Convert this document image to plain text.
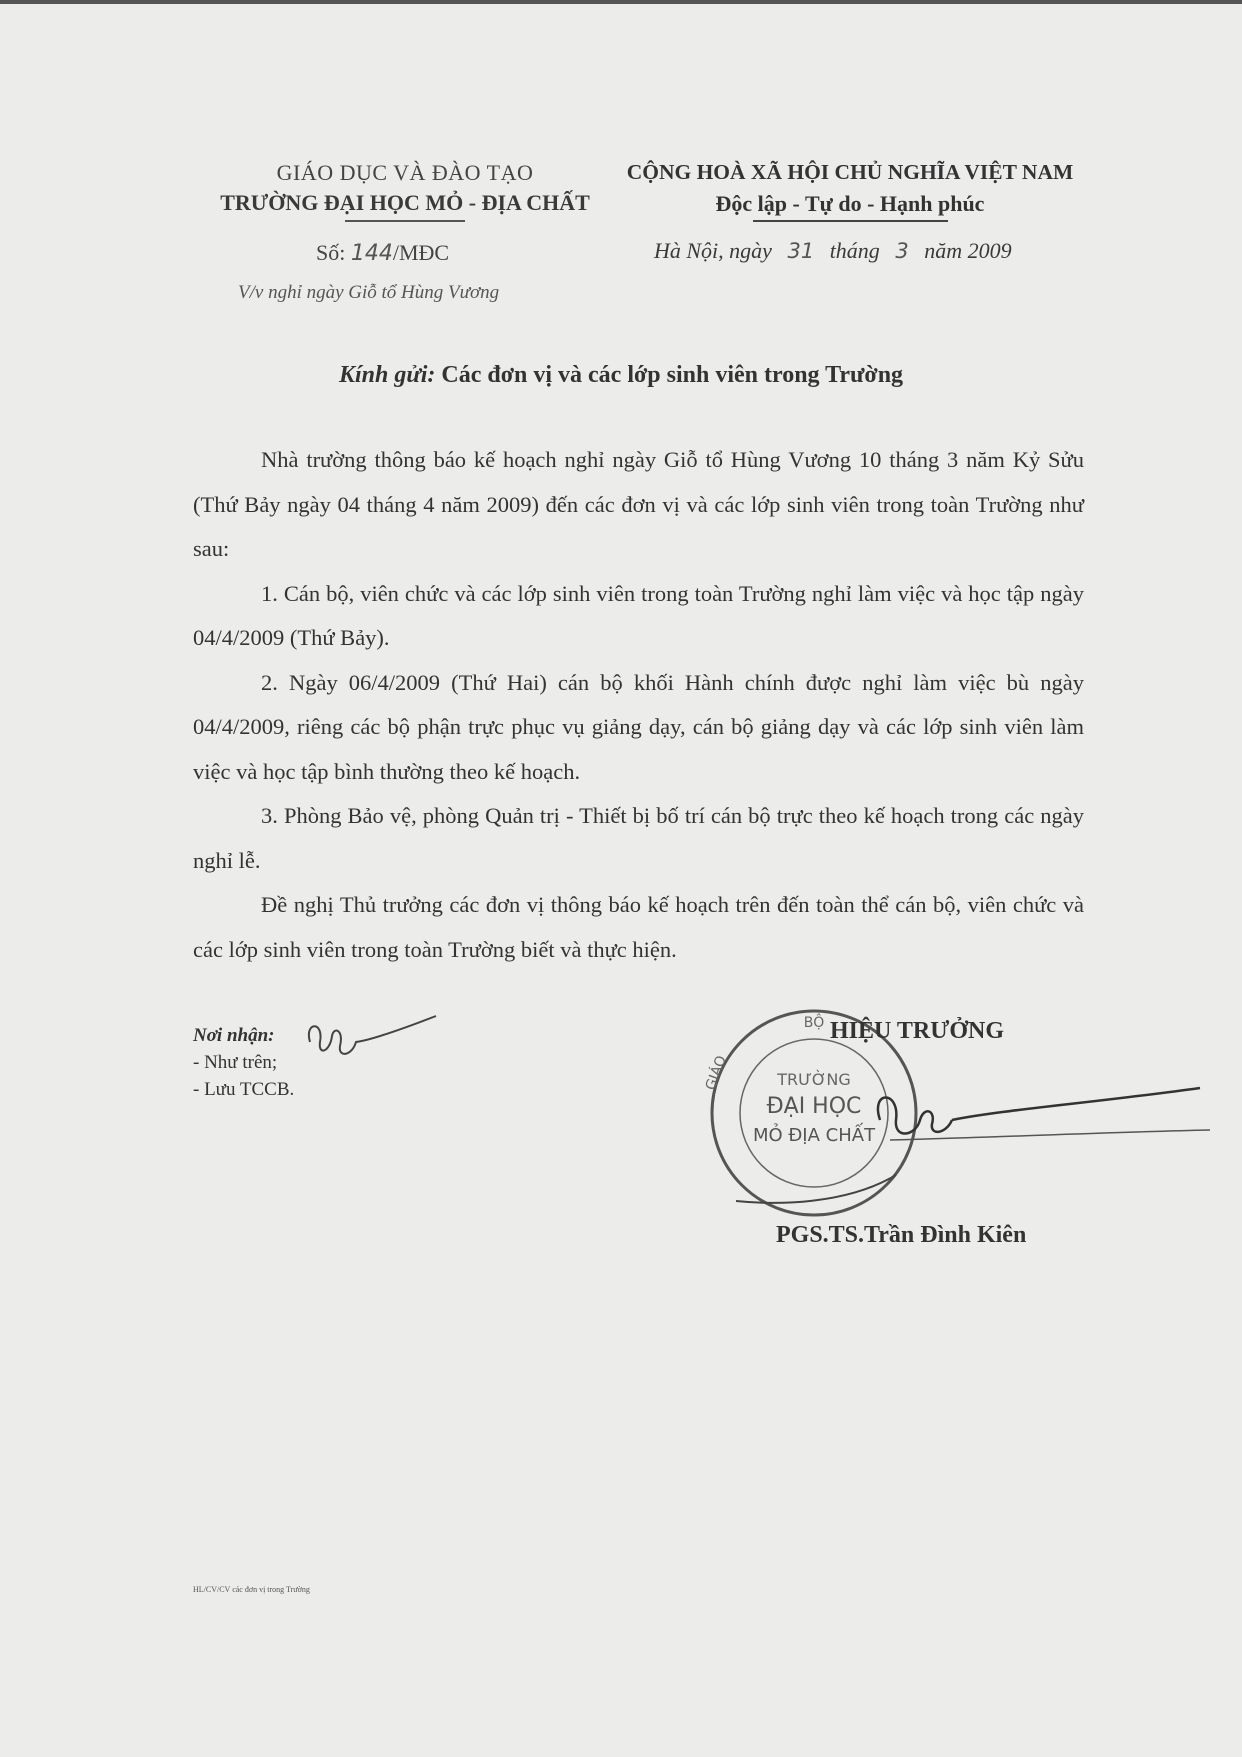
GIÁO DỤC VÀ ĐÀO TẠO
TRƯỜNG ĐẠI HỌC MỎ - ĐỊA CHẤT
CỘNG HOÀ XÃ HỘI CHỦ NGHĨA VIỆT NAM
Độc lập - Tự do - Hạnh phúc
Số: 144/MĐC	Hà Nội, ngày 31 tháng 3 năm 2009
V/v nghỉ ngày Giỗ tổ Hùng Vương
Kính gửi: Các đơn vị và các lớp sinh viên trong Trường

Nhà trường thông báo kế hoạch nghỉ ngày Giỗ tổ Hùng Vương 10 tháng 3 năm Kỷ Sửu (Thứ Bảy ngày 04 tháng 4 năm 2009) đến các đơn vị và các lớp sinh viên trong toàn Trường như sau:

1. Cán bộ, viên chức và các lớp sinh viên trong toàn Trường nghỉ làm việc và học tập ngày 04/4/2009 (Thứ Bảy).

2. Ngày 06/4/2009 (Thứ Hai) cán bộ khối Hành chính được nghỉ làm việc bù ngày 04/4/2009, riêng các bộ phận trực phục vụ giảng dạy, cán bộ giảng dạy và các lớp sinh viên làm việc và học tập bình thường theo kế hoạch.

3. Phòng Bảo vệ, phòng Quản trị - Thiết bị bố trí cán bộ trực theo kế hoạch trong các ngày nghỉ lễ.

Đề nghị Thủ trưởng các đơn vị thông báo kế hoạch trên đến toàn thể cán bộ, viên chức và các lớp sinh viên trong toàn Trường biết và thực hiện.

Nơi nhận:
- Như trên;
- Lưu TCCB.
BỘ
GIÁO	TRƯỜNG
ĐẠI HỌC
MỎ ĐỊA CHẤT
HIỆU TRƯỞNG
PGS.TS.Trần Đình Kiên
HL/CV/CV các đơn vị trong Trường
